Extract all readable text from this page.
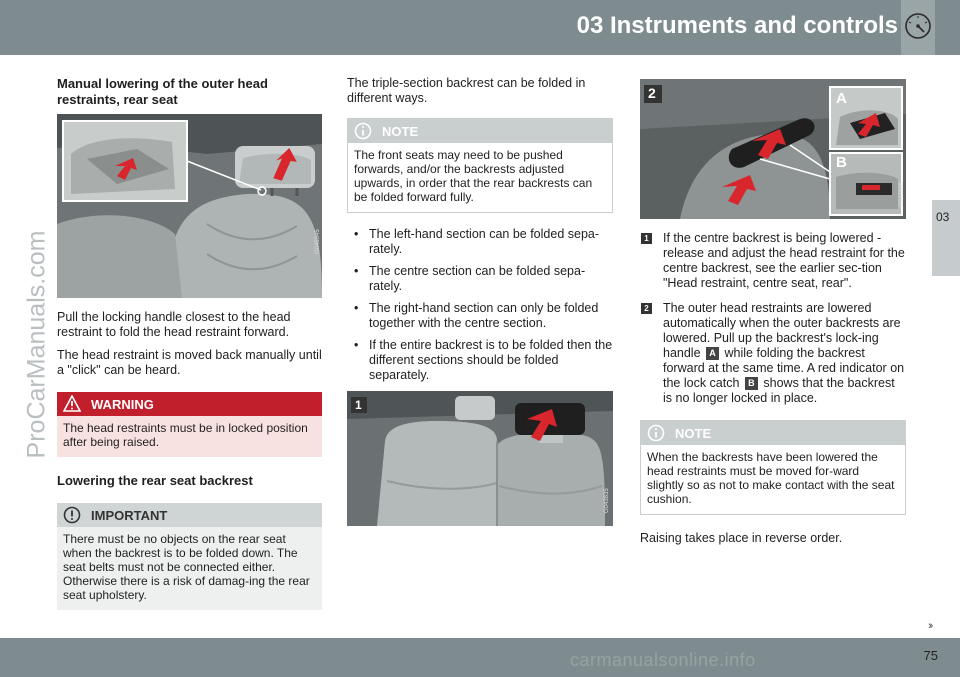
03 Instruments and controls
03
ProCarManuals.com
Manual lowering of the outer head restraints, rear seat
G045945

Pull the locking handle closest to the head restraint to fold the head restraint forward.

The head restraint is moved back manually until a "click" can be heard.

WARNING
The head restraints must be in locked position after being raised.
Lowering the rear seat backrest
IMPORTANT
There must be no objects on the rear seat when the backrest is to be folded down. The seat belts must not be connected either. Otherwise there is a risk of damag-ing the rear seat upholstery.

The triple-section backrest can be folded in different ways.

NOTE
The front seats may need to be pushed forwards, and/or the backrests adjusted upwards, in order that the rear backrests can be folded forward fully.
• The left-hand section can be folded sepa-rately.
• The centre section can be folded sepa-rately.
• The right-hand section can only be folded together with the centre section.
• If the entire backrest is to be folded then the different sections should be folded separately.
1
G043835
2	A
B
G043836
1 If the centre backrest is being lowered - release and adjust the head restraint for the centre backrest, see the earlier sec-tion "Head restraint, centre seat, rear".
2 The outer head restraints are lowered automatically when the outer backrests are lowered. Pull up the backrest's lock-ing handle A while folding the backrest forward at the same time. A red indicator on the lock catch B shows that the backrest is no longer locked in place.
NOTE
When the backrests have been lowered the head restraints must be moved for-ward slightly so as not to make contact with the seat cushion.

Raising takes place in reverse order.

››
carmanualsonline.info	75
